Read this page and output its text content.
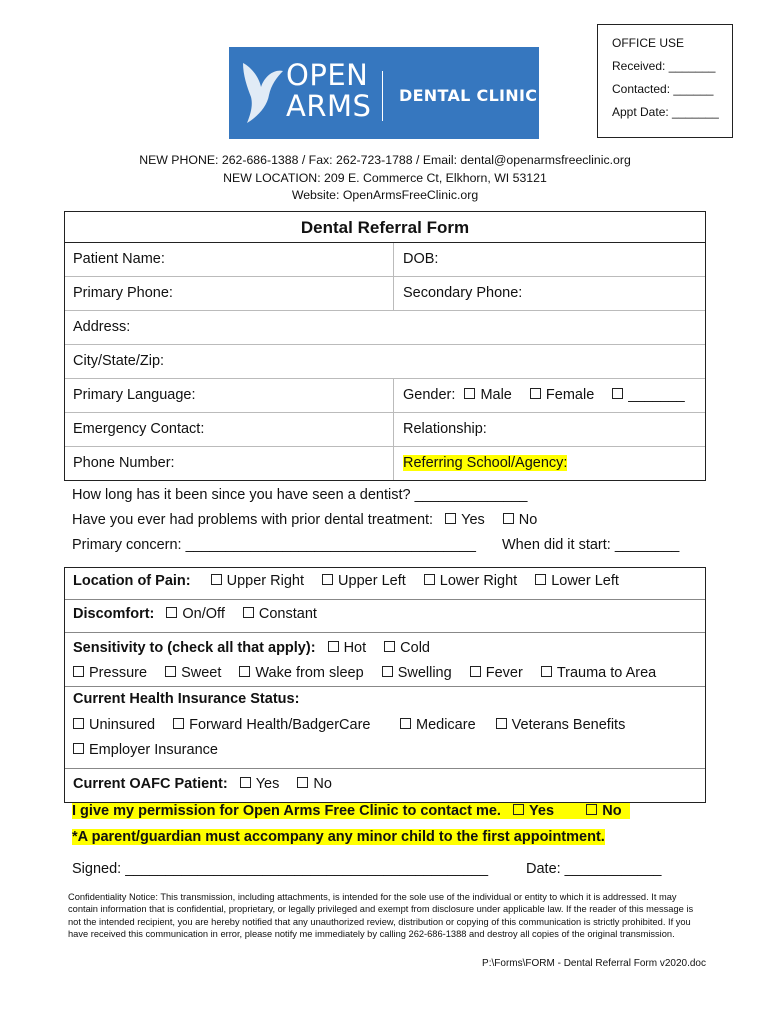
OFFICE USE
Received: _______
Contacted: ______
Appt Date: _______
OPEN
ARMS DENTAL CLINIC
NEW PHONE: 262-686-1388 / Fax: 262-723-1788 / Email: dental@openarmsfreeclinic.org
NEW LOCATION: 209 E. Commerce Ct, Elkhorn, WI 53121
Website: OpenArmsFreeClinic.org
Dental Referral Form
Patient Name:	DOB:
Primary Phone:	Secondary Phone:
Address:
City/State/Zip:
Primary Language:	Gender: Male Female _______
Emergency Contact:	Relationship:
Phone Number:	Referring School/Agency:
How long has it been since you have seen a dentist? ______________
Have you ever had problems with prior dental treatment: Yes No
Primary concern: ____________________________________ When did it start: ________
Location of Pain: Upper Right Upper Left Lower Right Lower Left
Discomfort: On/Off Constant
Sensitivity to (check all that apply): Hot Cold
Pressure Sweet Wake from sleep Swelling Fever Trauma to Area
Current Health Insurance Status:
Uninsured Forward Health/BadgerCare	Medicare Veterans Benefits
Employer Insurance
Current OAFC Patient: Yes No
I give my permission for Open Arms Free Clinic to contact me. Yes	No
*A parent/guardian must accompany any minor child to the first appointment.
Signed: _____________________________________________	Date: ____________
Confidentiality Notice: This transmission, including attachments, is intended for the sole use of the individual or entity to which it is addressed. It may contain information that is confidential, proprietary, or legally privileged and exempt from disclosure under applicable law. If the reader of this message is not the intended recipient, you are hereby notified that any unauthorized review, distribution or copying of this communication is strictly prohibited. If you have received this communication in error, please notify me immediately by calling 262-686-1388 and destroy all copies of the original transmission.
P:\Forms\FORM - Dental Referral Form v2020.doc
